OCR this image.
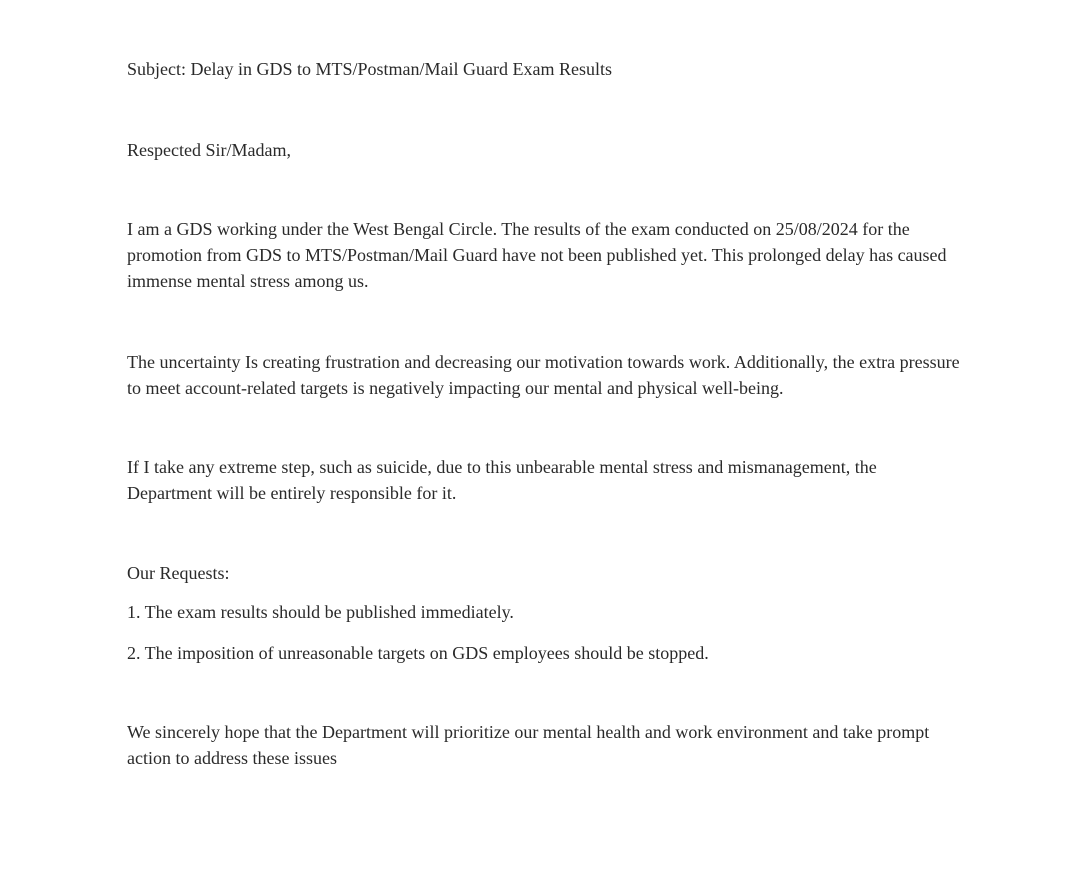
Subject: Delay in GDS to MTS/Postman/Mail Guard Exam Results

Respected Sir/Madam,

I am a GDS working under the West Bengal Circle. The results of the exam conducted on 25/08/2024 for the promotion from GDS to MTS/Postman/Mail Guard have not been published yet. This prolonged delay has caused immense mental stress among us.

The uncertainty Is creating frustration and decreasing our motivation towards work. Additionally, the extra pressure to meet account-related targets is negatively impacting our mental and physical well-being.

If I take any extreme step, such as suicide, due to this unbearable mental stress and mismanagement, the Department will be entirely responsible for it.

Our Requests:

1. The exam results should be published immediately.

2. The imposition of unreasonable targets on GDS employees should be stopped.

We sincerely hope that the Department will prioritize our mental health and work environment and take prompt action to address these issues
